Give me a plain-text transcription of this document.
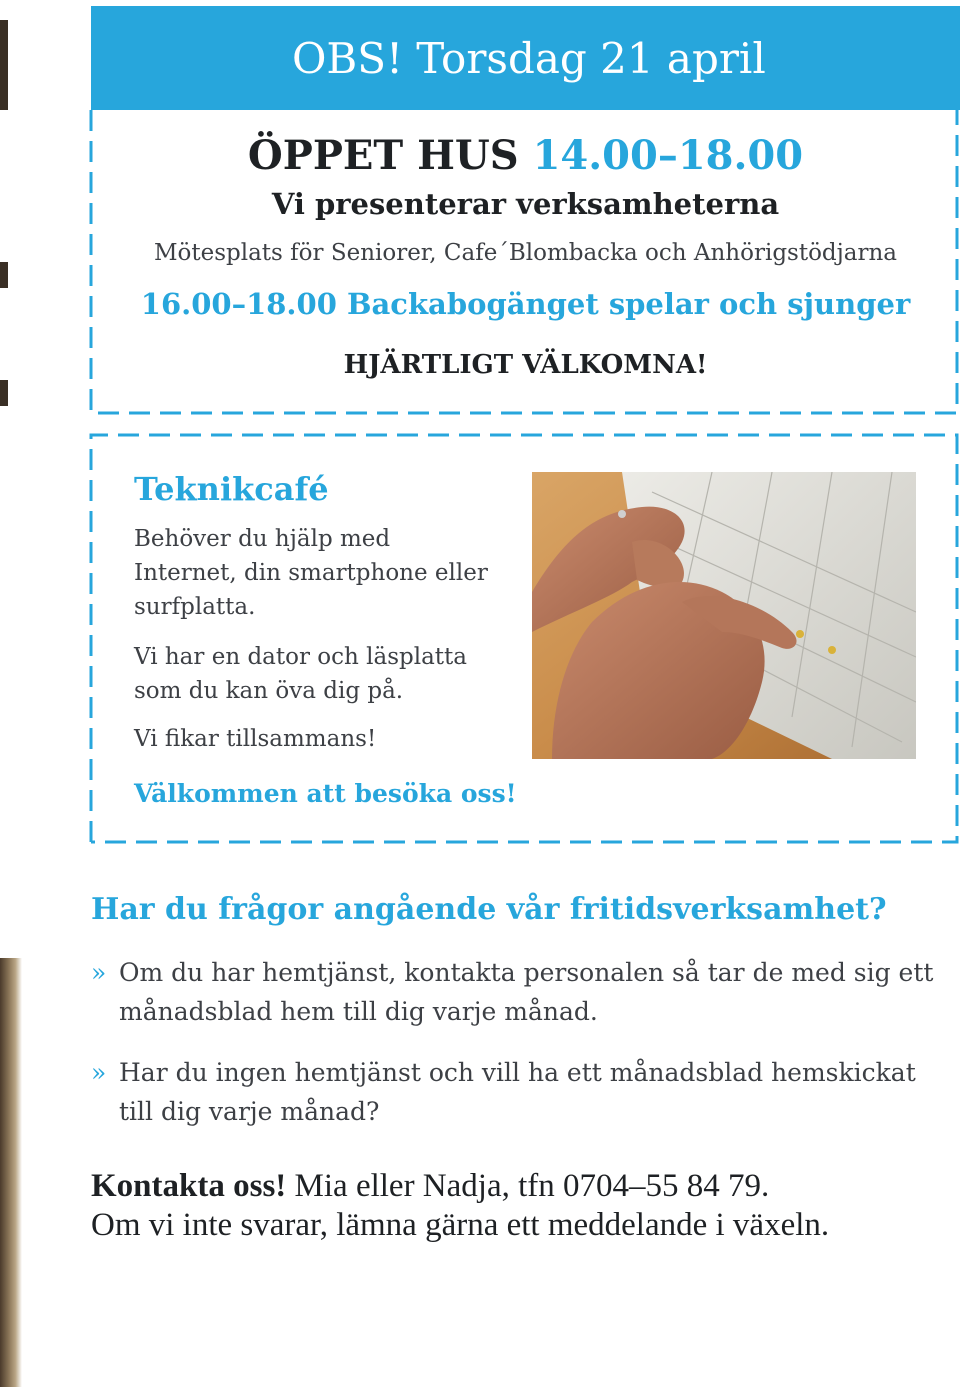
OBS! Torsdag 21 april
ÖPPET HUS 14.00–18.00
Vi presenterar verksamheterna
Mötesplats för Seniorer, Cafe´Blombacka och Anhörigstödjarna
16.00–18.00 Backabogänget spelar och sjunger
HJÄRTLIGT VÄLKOMNA!
Teknikcafé
Behöver du hjälp med Internet, din smartphone eller surfplatta.
Vi har en dator och läsplatta som du kan öva dig på.
Vi fikar tillsammans!
Välkommen att besöka oss!
Har du frågor angående vår fritidsverksamhet?
» Om du har hemtjänst, kontakta personalen så tar de med sig ett månadsblad hem till dig varje månad.
» Har du ingen hemtjänst och vill ha ett månadsblad hemskickat till dig varje månad?
Kontakta oss! Mia eller Nadja, tfn 0704–55 84 79.
Om vi inte svarar, lämna gärna ett meddelande i växeln.
